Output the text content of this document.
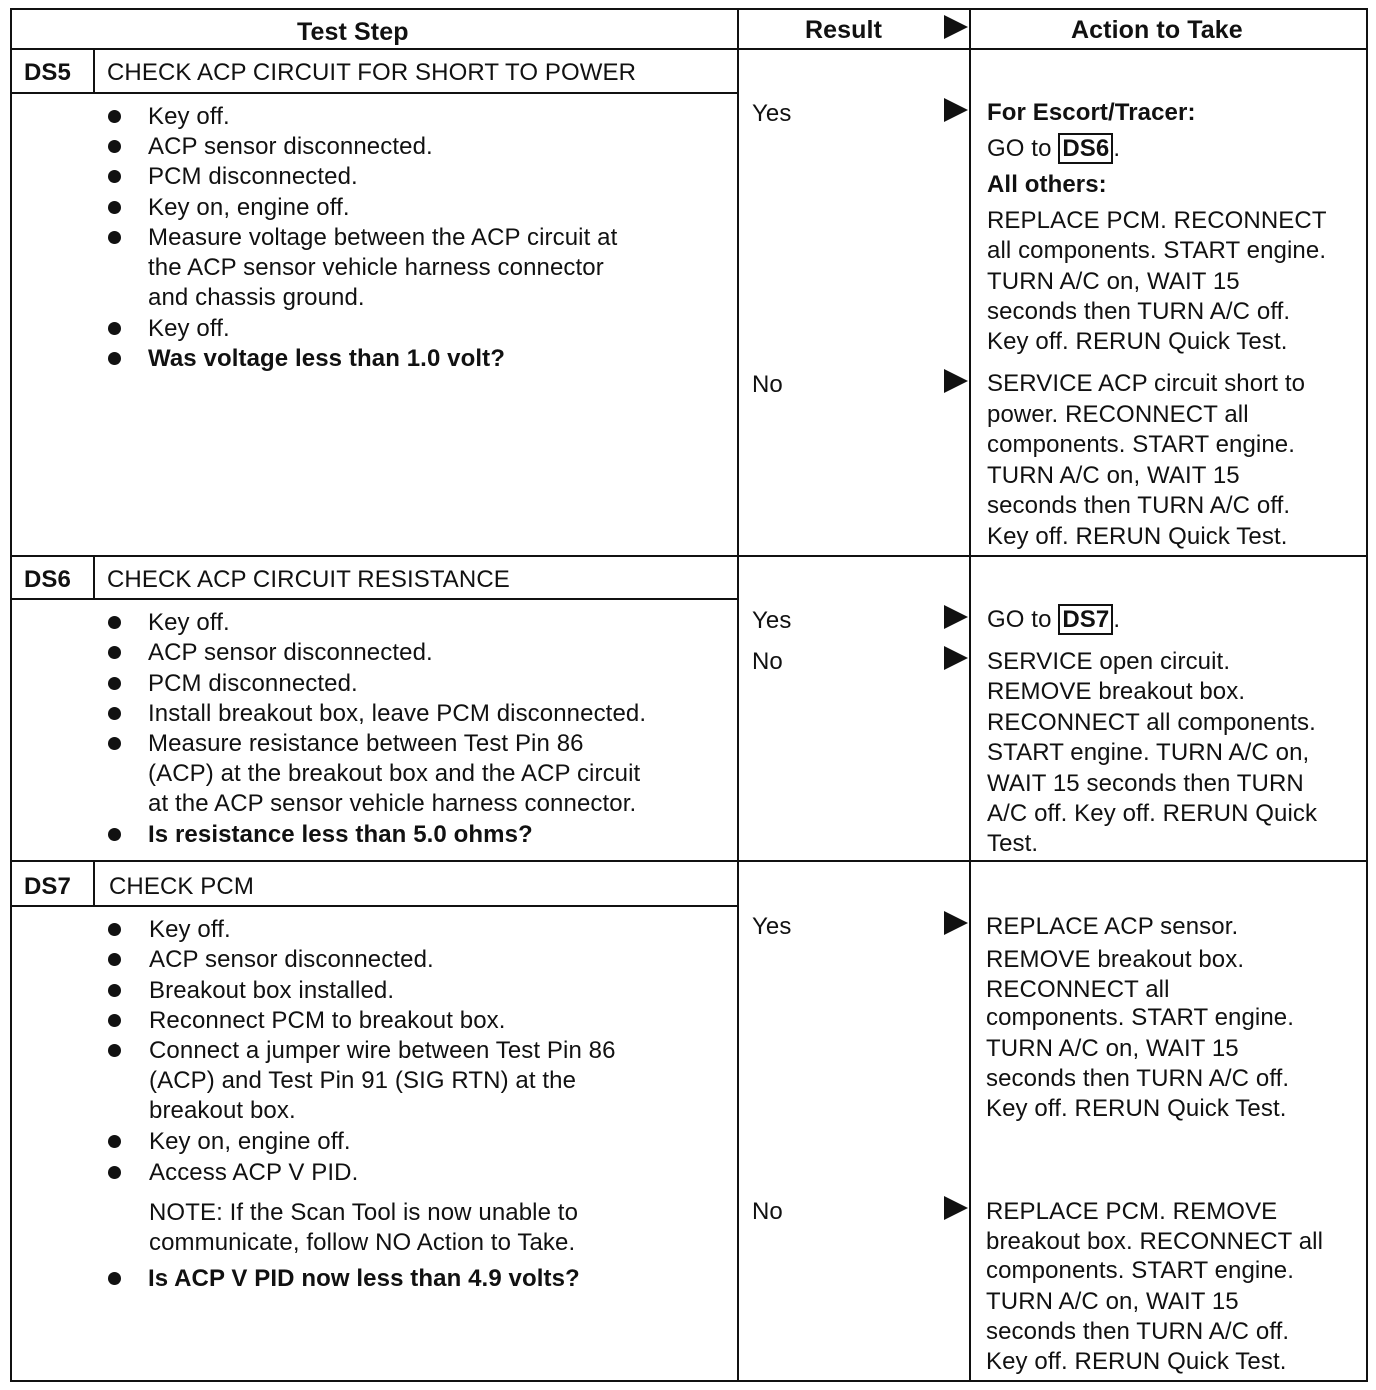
Test Step	Result	Action to Take
DS5 CHECK ACP CIRCUIT FOR SHORT TO POWER
Key off.
ACP sensor disconnected.
PCM disconnected.
Key on, engine off.
Measure voltage between the ACP circuit at
the ACP sensor vehicle harness connector
and chassis ground.
Key off.
Was voltage less than 1.0 volt?
Yes
No
For Escort/Tracer:
GO to DS6 .
All others:
REPLACE PCM. RECONNECT
all components. START engine.
TURN A/C on, WAIT 15
seconds then TURN A/C off.
Key off. RERUN Quick Test.
SERVICE ACP circuit short to
power. RECONNECT all
components. START engine.
TURN A/C on, WAIT 15
seconds then TURN A/C off.
Key off. RERUN Quick Test.
DS6 CHECK ACP CIRCUIT RESISTANCE
Key off.
ACP sensor disconnected.
PCM disconnected.
Install breakout box, leave PCM disconnected.
Measure resistance between Test Pin 86
(ACP) at the breakout box and the ACP circuit
at the ACP sensor vehicle harness connector.
Is resistance less than 5.0 ohms?
Yes
No
GO to DS7 .
SERVICE open circuit.
REMOVE breakout box.
RECONNECT all components.
START engine. TURN A/C on,
WAIT 15 seconds then TURN
A/C off. Key off. RERUN Quick
Test.
DS7 CHECK PCM
Key off.
ACP sensor disconnected.
Breakout box installed.
Reconnect PCM to breakout box.
Connect a jumper wire between Test Pin 86
(ACP) and Test Pin 91 (SIG RTN) at the
breakout box.
Key on, engine off.
Access ACP V PID.
NOTE: If the Scan Tool is now unable to
communicate, follow NO Action to Take.
Is ACP V PID now less than 4.9 volts?
Yes
No
REPLACE ACP sensor.
REMOVE breakout box.
RECONNECT all
components. START engine.
TURN A/C on, WAIT 15
seconds then TURN A/C off.
Key off. RERUN Quick Test.
REPLACE PCM. REMOVE
breakout box. RECONNECT all
components. START engine.
TURN A/C on, WAIT 15
seconds then TURN A/C off.
Key off. RERUN Quick Test.
